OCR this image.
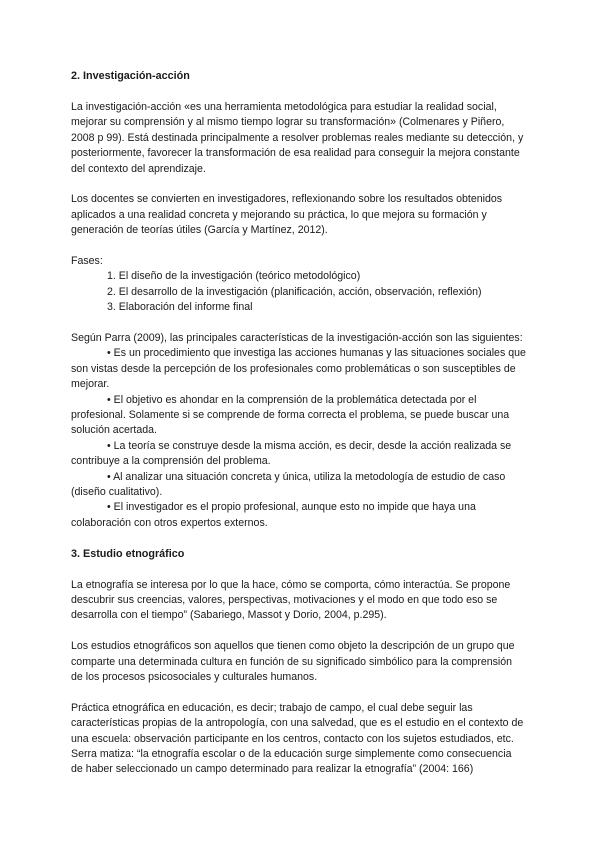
2. Investigación-acción

La investigación-acción «es una herramienta metodológica para estudiar la realidad social, mejorar su comprensión y al mismo tiempo lograr su transformación» (Colmenares y Piñero, 2008 p 99). Está destinada principalmente a resolver problemas reales mediante su detección, y posteriormente, favorecer la transformación de esa realidad para conseguir la mejora constante del contexto del aprendizaje.

Los docentes se convierten en investigadores, reflexionando sobre los resultados obtenidos aplicados a una realidad concreta y mejorando su práctica, lo que mejora su formación y generación de teorías útiles (García y Martínez, 2012).

Fases:

1. El diseño de la investigación (teórico metodológico)
2. El desarrollo de la investigación (planificación, acción, observación, reflexión)
3. Elaboración del informe final

Según Parra (2009), las principales características de la investigación-acción son las siguientes:

• Es un procedimiento que investiga las acciones humanas y las situaciones sociales que son vistas desde la percepción de los profesionales como problemáticas o son susceptibles de mejorar.
• El objetivo es ahondar en la comprensión de la problemática detectada por el profesional. Solamente si se comprende de forma correcta el problema, se puede buscar una solución acertada.
• La teoría se construye desde la misma acción, es decir, desde la acción realizada se contribuye a la comprensión del problema.
• Al analizar una situación concreta y única, utiliza la metodología de estudio de caso (diseño cualitativo).
• El investigador es el propio profesional, aunque esto no impide que haya una colaboración con otros expertos externos.
3. Estudio etnográfico

La etnografía se interesa por lo que la hace, cómo se comporta, cómo interactúa. Se propone descubrir sus creencias, valores, perspectivas, motivaciones y el modo en que todo eso se desarrolla con el tiempo” (Sabariego, Massot y Dorio, 2004, p.295).

Los estudios etnográficos son aquellos que tienen como objeto la descripción de un grupo que comparte una determinada cultura en función de su significado simbólico para la comprensión de los procesos psicosociales y culturales humanos.

Práctica etnográfica en educación, es decir; trabajo de campo, el cual debe seguir las características propias de la antropología, con una salvedad, que es el estudio en el contexto de una escuela: observación participante en los centros, contacto con los sujetos estudiados, etc. Serra matiza: “la etnografía escolar o de la educación surge simplemente como consecuencia de haber seleccionado un campo determinado para realizar la etnografía” (2004: 166)
